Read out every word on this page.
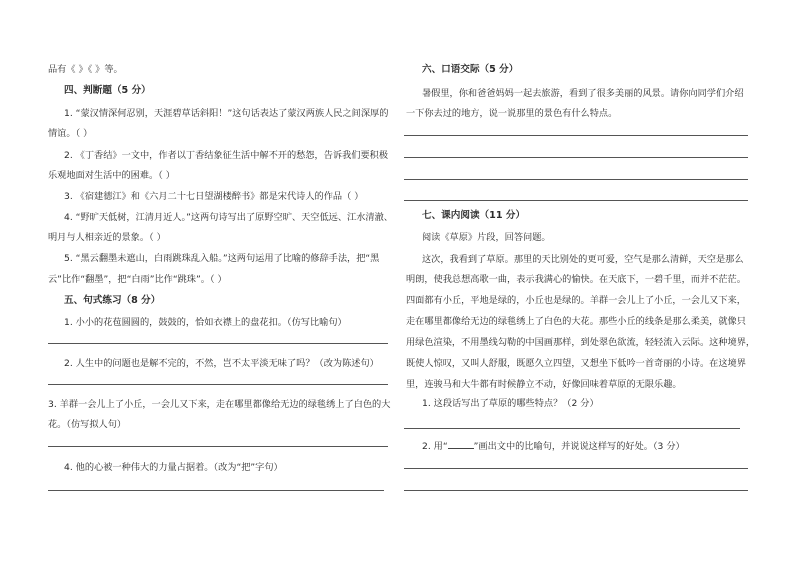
品有《 》《 》等。
四、判断题（5 分）
1. “蒙汉情深何忍别，天涯碧草话斜阳！”这句话表达了蒙汉两族人民之间深厚的
情谊。（ ）
2. 《丁香结》一文中，作者以丁香结象征生活中解不开的愁怨，告诉我们要积极
乐观地面对生活中的困难。（ ）
3. 《宿建德江》和《六月二十七日望湖楼醉书》都是宋代诗人的作品（ ）
4. “野旷天低树，江清月近人。”这两句诗写出了原野空旷、天空低远、江水清澈、
明月与人相亲近的景象。（ ）
5. “黑云翻墨未遮山，白雨跳珠乱入船。”这两句运用了比喻的修辞手法，把“黑
云”比作“翻墨”，把“白雨”比作“跳珠”。（ ）
五、句式练习（8 分）
1. 小小的花苞圆圆的，鼓鼓的，恰如衣襟上的盘花扣。（仿写比喻句）
2. 人生中的问题也是解不完的，不然，岂不太平淡无味了吗？（改为陈述句）
3. 羊群一会儿上了小丘，一会儿又下来，走在哪里都像给无边的绿毯绣上了白色的大
花。（仿写拟人句）
4. 他的心被一种伟大的力量占据着。（改为“把”字句）
六、口语交际（5 分）
暑假里，你和爸爸妈妈一起去旅游，看到了很多美丽的风景。请你向同学们介绍
一下你去过的地方，说一说那里的景色有什么特点。
七、课内阅读（11 分）
阅读《草原》片段，回答问题。
这次，我看到了草原。那里的天比别处的更可爱，空气是那么清鲜，天空是那么
明朗，使我总想高歌一曲，表示我满心的愉快。在天底下，一碧千里，而并不茫茫。
四面都有小丘，平地是绿的，小丘也是绿的。羊群一会儿上了小丘，一会儿又下来，
走在哪里都像给无边的绿毯绣上了白色的大花。那些小丘的线条是那么柔美，就像只
用绿色渲染，不用墨线勾勒的中国画那样，到处翠色欲流，轻轻流入云际。这种境界，
既使人惊叹，又叫人舒服，既愿久立四望，又想坐下低吟一首奇丽的小诗。在这境界
里，连骏马和大牛都有时候静立不动，好像回味着草原的无限乐趣。
1. 这段话写出了草原的哪些特点？（2 分）
2. 用“	”画出文中的比喻句，并说说这样写的好处。（3 分）
